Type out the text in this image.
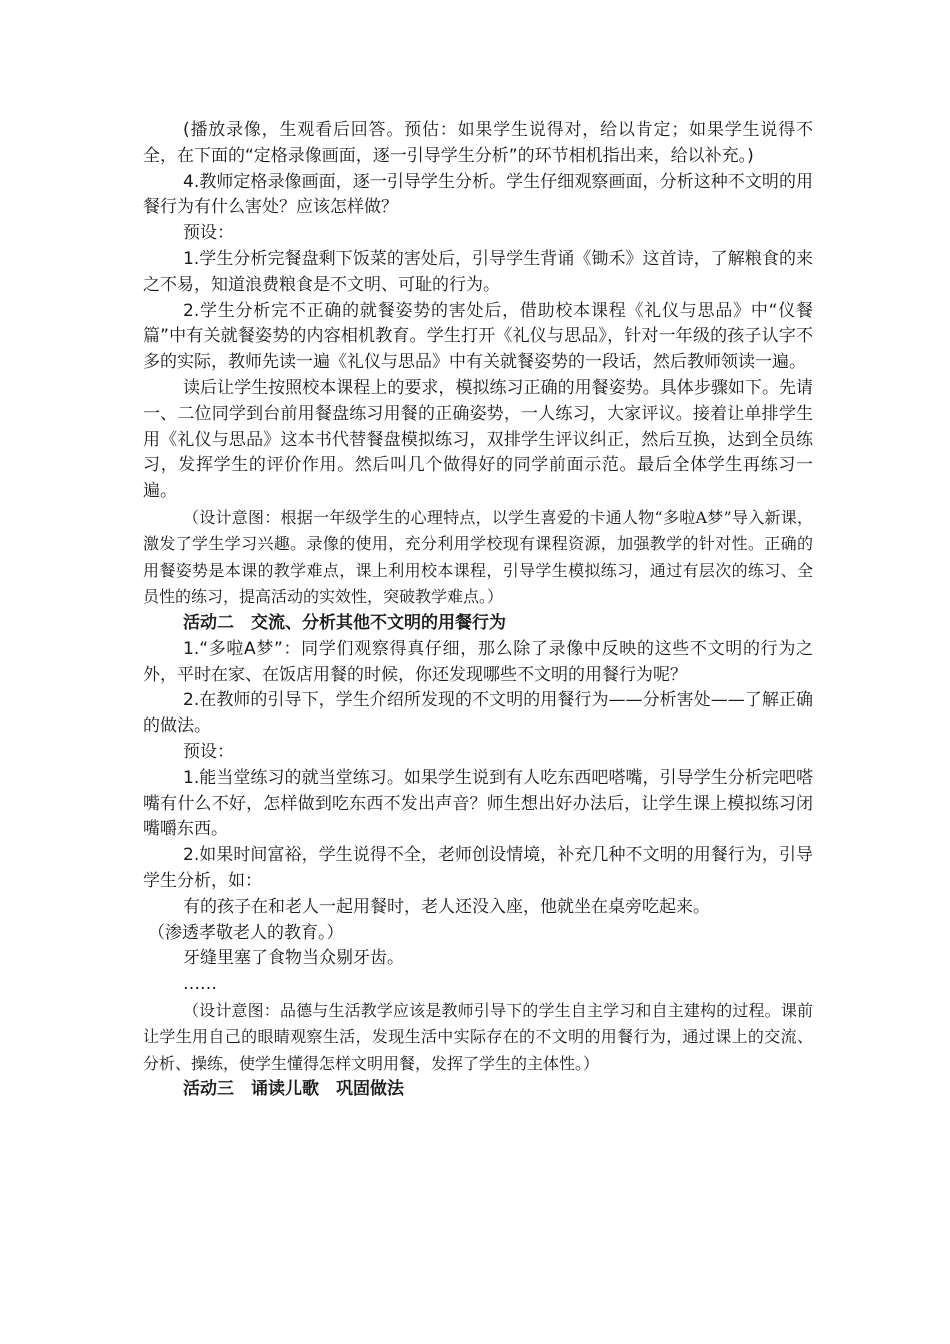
(播放录像，生观看后回答。预估：如果学生说得对，给以肯定；如果学生说得不全，在下面的“定格录像画面，逐一引导学生分析”的环节相机指出来，给以补充。)

4.教师定格录像画面，逐一引导学生分析。学生仔细观察画面，分析这种不文明的用餐行为有什么害处？应该怎样做？

预设：

1.学生分析完餐盘剩下饭菜的害处后，引导学生背诵《锄禾》这首诗，了解粮食的来之不易，知道浪费粮食是不文明、可耻的行为。

2.学生分析完不正确的就餐姿势的害处后，借助校本课程《礼仪与思品》中“仪餐篇”中有关就餐姿势的内容相机教育。学生打开《礼仪与思品》，针对一年级的孩子认字不多的实际，教师先读一遍《礼仪与思品》中有关就餐姿势的一段话，然后教师领读一遍。

读后让学生按照校本课程上的要求，模拟练习正确的用餐姿势。具体步骤如下。先请一、二位同学到台前用餐盘练习用餐的正确姿势，一人练习，大家评议。接着让单排学生用《礼仪与思品》这本书代替餐盘模拟练习，双排学生评议纠正，然后互换，达到全员练习，发挥学生的评价作用。然后叫几个做得好的同学前面示范。最后全体学生再练习一遍。

（设计意图：根据一年级学生的心理特点，以学生喜爱的卡通人物“多啦A梦”导入新课，激发了学生学习兴趣。录像的使用，充分利用学校现有课程资源，加强教学的针对性。正确的用餐姿势是本课的教学难点，课上利用校本课程，引导学生模拟练习，通过有层次的练习、全员性的练习，提高活动的实效性，突破教学难点。）

活动二　交流、分析其他不文明的用餐行为

1.“多啦A梦”：同学们观察得真仔细，那么除了录像中反映的这些不文明的行为之外，平时在家、在饭店用餐的时候，你还发现哪些不文明的用餐行为呢？

2.在教师的引导下，学生介绍所发现的不文明的用餐行为——分析害处——了解正确的做法。

预设：

1.能当堂练习的就当堂练习。如果学生说到有人吃东西吧嗒嘴，引导学生分析完吧嗒嘴有什么不好，怎样做到吃东西不发出声音？师生想出好办法后，让学生课上模拟练习闭嘴嚼东西。

2.如果时间富裕，学生说得不全，老师创设情境，补充几种不文明的用餐行为，引导学生分析，如：

有的孩子在和老人一起用餐时，老人还没入座，他就坐在桌旁吃起来。

（渗透孝敬老人的教育。）

牙缝里塞了食物当众剔牙齿。

……

（设计意图：品德与生活教学应该是教师引导下的学生自主学习和自主建构的过程。课前让学生用自己的眼睛观察生活，发现生活中实际存在的不文明的用餐行为，通过课上的交流、分析、操练，使学生懂得怎样文明用餐，发挥了学生的主体性。）

活动三　诵读儿歌　巩固做法
